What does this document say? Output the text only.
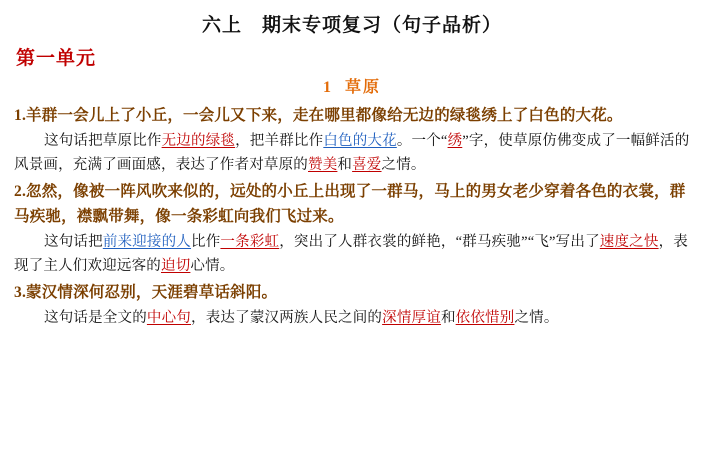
六上　期末专项复习（句子品析）
第一单元
1 草原
1.羊群一会儿上了小丘，一会儿又下来，走在哪里都像给无边的绿毯绣上了白色的大花。
这句话把草原比作无边的绿毯，把羊群比作白色的大花。一个“绣”字，使草原仿佛变成了一幅鲜活的风景画，充满了画面感，表达了作者对草原的赞美和喜爱之情。
2.忽然，像被一阵风吹来似的，远处的小丘上出现了一群马，马上的男女老少穿着各色的衣裳，群马疾驰，襟飘带舞，像一条彩虹向我们飞过来。
这句话把前来迎接的人比作一条彩虹，突出了人群衣裳的鲜艳，“群马疾驰”“飞”写出了速度之快，表现了主人们欢迎远客的迫切心情。
3.蒙汉情深何忍别，天涯碧草话斜阳。
这句话是全文的中心句，表达了蒙汉两族人民之间的深情厚谊和依依惜别之情。
